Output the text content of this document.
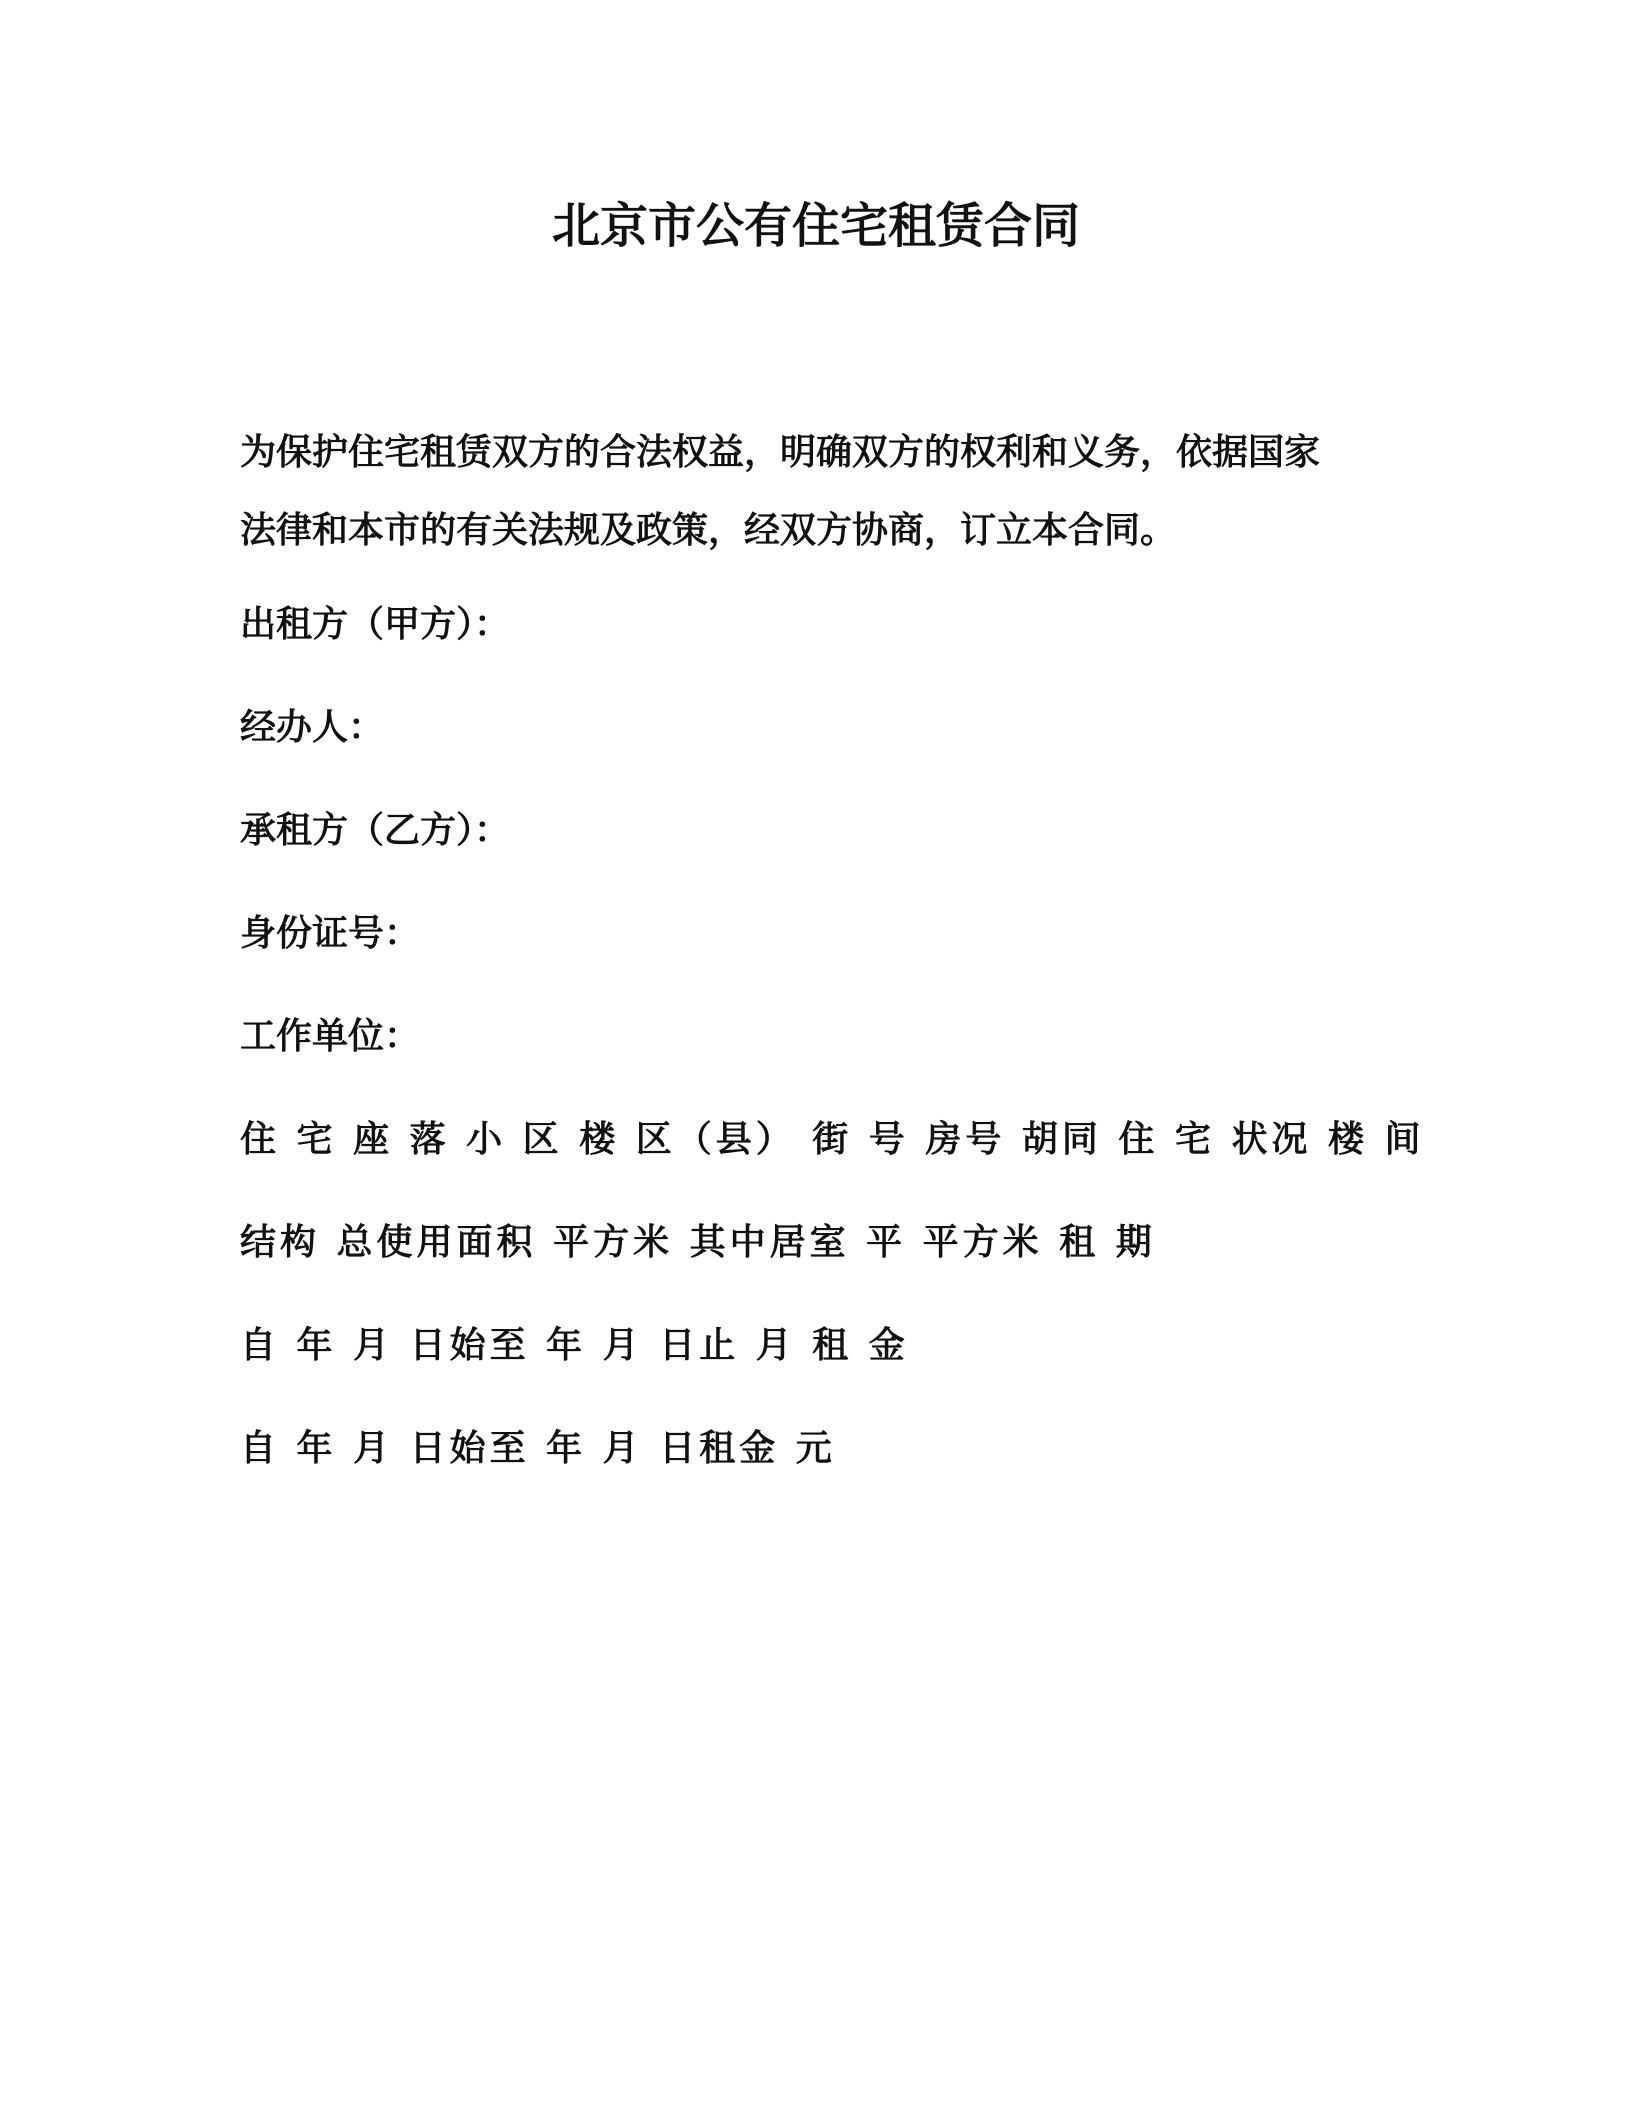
北京市公有住宅租赁合同
为保护住宅租赁双方的合法权益，明确双方的权利和义务，依据国家
法律和本市的有关法规及政策，经双方协商，订立本合同。
出租方（甲方）：
经办人：
承租方（乙方）：
身份证号：
工作单位：
住 宅 座 落 小 区 楼 区（县） 街 号 房号 胡同 住 宅 状况 楼 间
结构 总使用面积 平方米 其中居室 平 平方米 租 期
自 年 月 日始至 年 月 日止 月 租 金
自 年 月 日始至 年 月 日租金 元
